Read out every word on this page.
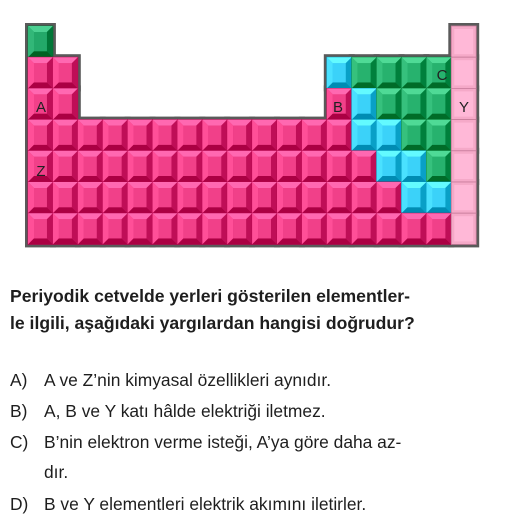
A
Z
B
C
Y
Periyodik cetvelde yerleri gösterilen elementler-
le ilgili, aşağıdaki yargılardan hangisi doğrudur?
A) A ve Z’nin kimyasal özellikleri aynıdır.
B) A, B ve Y katı hâlde elektriği iletmez.
C) B’nin elektron verme isteği, A’ya göre daha az-
dır.
D) B ve Y elementleri elektrik akımını iletirler.
